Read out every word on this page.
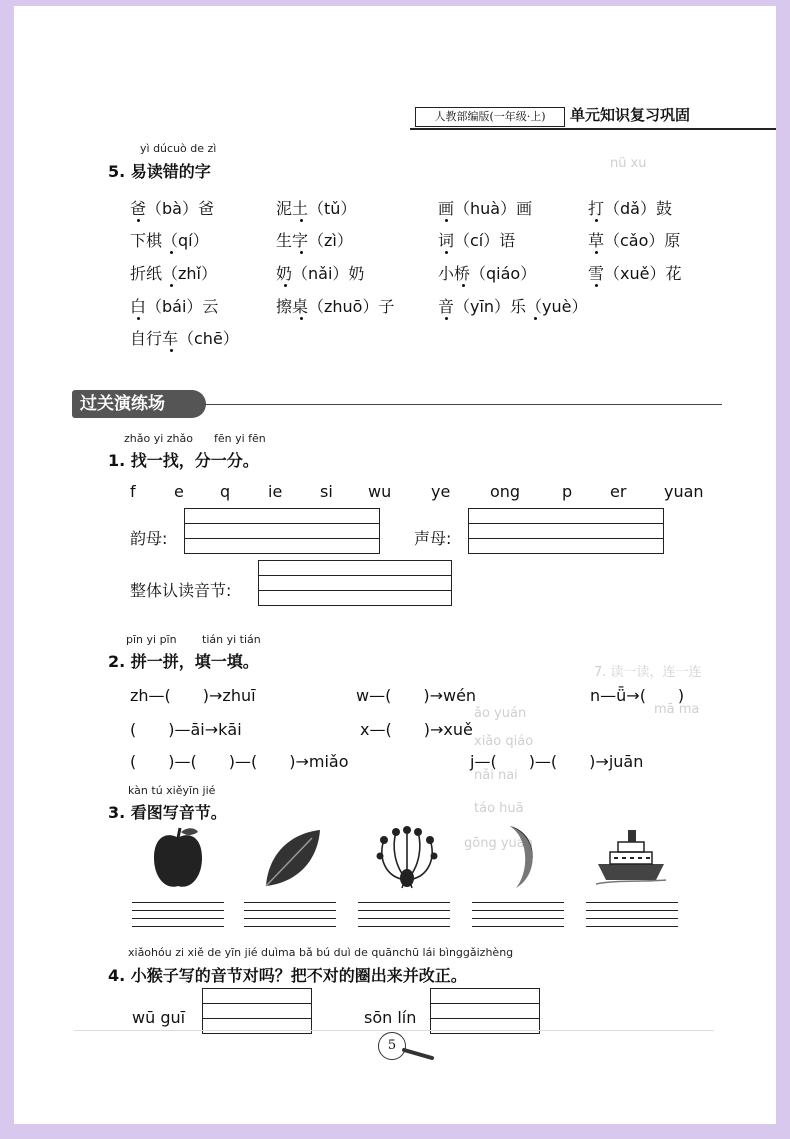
nü xu
ǎo yuán
xiǎo qiáo
nǎi nai
táo huā
gōng yuán
mā ma
7. 读一读，连一连
人教部编版(一年级·上)	单元知识复习巩固
yì dúcuò de zì
5. 易读错的字
爸（bà）爸	泥土（tǔ）	画（huà）画	打（dǎ）鼓
下棋（qí）	生字（zì）	词（cí）语	草（cǎo）原
折纸（zhǐ）	奶（nǎi）奶	小桥（qiáo）	雪（xuě）花
白（bái）云	擦桌（zhuō）子	音（yīn）乐（yuè）
自行车（chē）
过关演练场
zhǎo yi zhǎo fēn yi fēn
1. 找一找，分一分。
f e q ie si wu ye ong	p er yuan
韵母:	声母:
整体认读音节:
pīn yi pīn tián yi tián
2. 拼一拼，填一填。
zh—(　　)→zhuī	w—(　　)→wén	n—ǖ→(　　)
(　　)—āi→kāi	x—(　　)→xuě
(　　)—(　　)—(　　)→miǎo	j—(　　)—(　　)→juān
kàn tú xiěyīn jié
3. 看图写音节。
xiǎohóu zi xiě de yīn jié duìma bǎ bú duì de quānchū lái bìnggǎizhèng
4. 小猴子写的音节对吗？把不对的圈出来并改正。
wū guī	sōn lín
5
